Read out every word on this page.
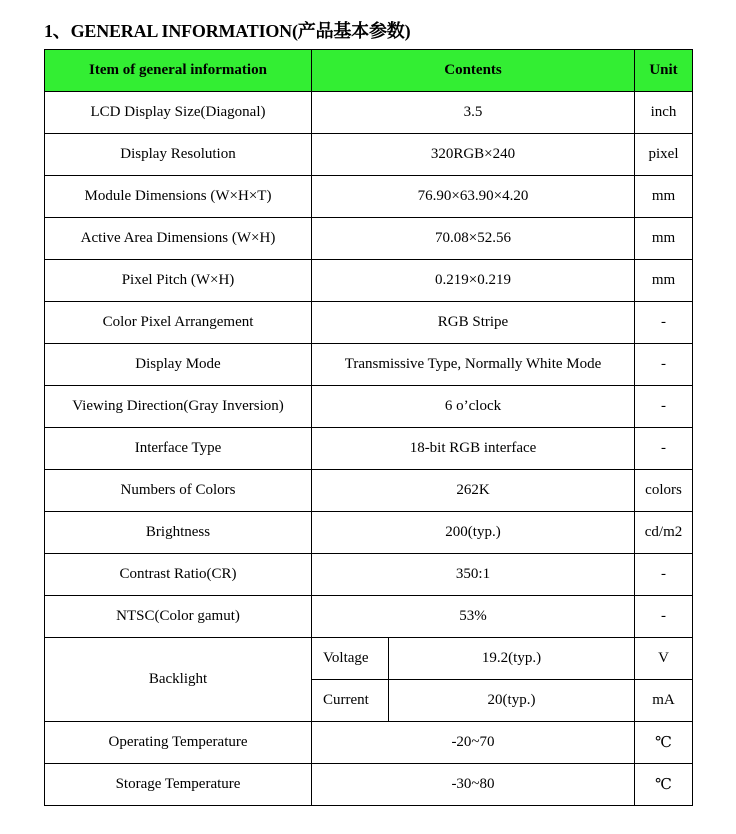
1、GENERAL INFORMATION(产品基本参数)
Item of general information	Contents		Unit
LCD Display Size(Diagonal)	3.5		inch
Display Resolution	320RGB×240		pixel
Module Dimensions (W×H×T)	76.90×63.90×4.20		mm
Active Area Dimensions (W×H)	70.08×52.56		mm
Pixel Pitch (W×H)	0.219×0.219		mm
Color Pixel Arrangement	RGB Stripe		-
Display Mode	Transmissive Type, Normally White Mode		-
Viewing Direction(Gray Inversion)	6 o’clock		-
Interface Type	18-bit RGB interface		-
Numbers of Colors	262K		colors
Brightness	200(typ.)		cd/m2
Contrast Ratio(CR)	350:1		-
NTSC(Color gamut)	53%		-
Backlight	Voltage	19.2(typ.)	V
	Current	20(typ.)	mA
Operating Temperature	-20~70		℃
Storage Temperature	-30~80		℃
